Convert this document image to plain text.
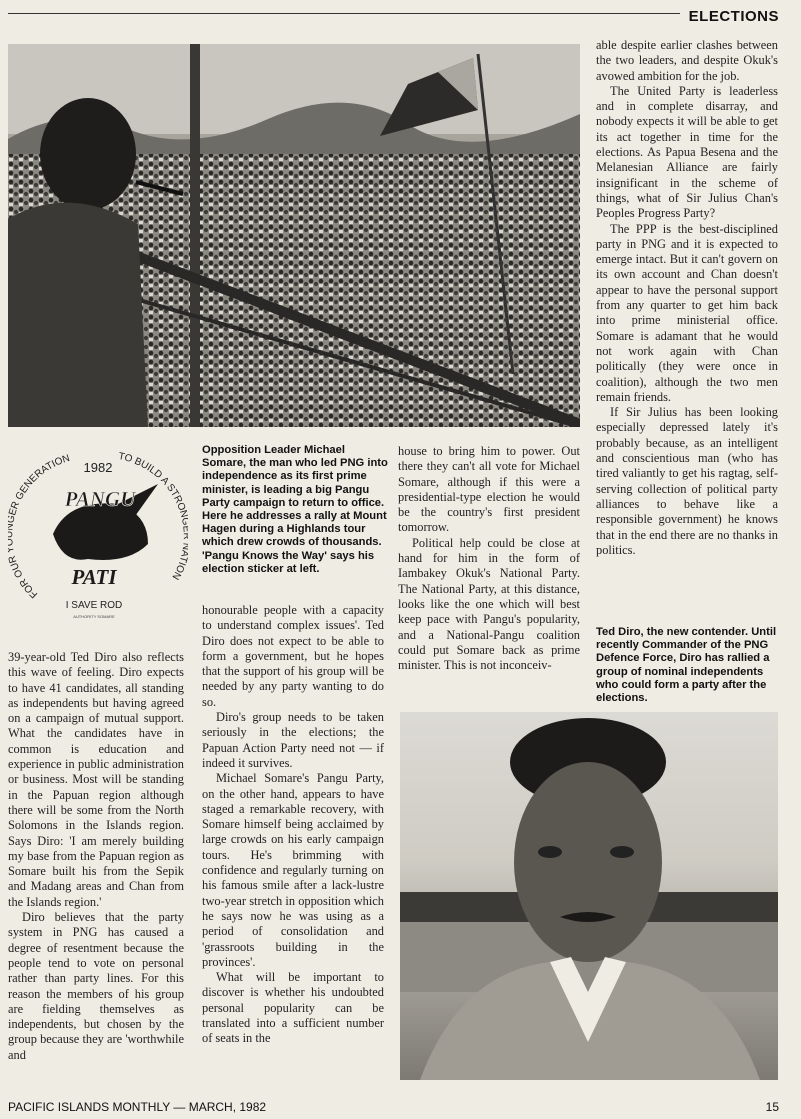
ELECTIONS
FOR OUR ER GENERATION	TO BUILD A STRO TION
1982
PANGU
PATI
I SAVE ROD
AUTHORITY SOMARE
Opposition Leader Michael Somare, the man who led PNG into independence as its first prime minister, is leading a big Pangu Party campaign to return to office. Here he addresses a rally at Mount Hagen during a Highlands tour which drew crowds of thousands. 'Pangu Knows the Way' says his election sticker at left.

39-year-old Ted Diro also reflects this wave of feeling. Diro expects to have 41 candidates, all standing as independents but having agreed on a campaign of mutual support. What the candidates have in common is education and experience in public administration or business. Most will be standing in the Papuan region although there will be some from the North Solomons in the Islands region. Says Diro: 'I am merely building my base from the Papuan region as Somare built his from the Sepik and Madang areas and Chan from the Islands region.'

Diro believes that the party system in PNG has caused a degree of resentment because the people tend to vote on personal rather than party lines. For this reason the members of his group are fielding themselves as independents, but chosen by the group because they are 'worthwhile and

honourable people with a capacity to understand complex issues'. Ted Diro does not expect to be able to form a government, but he hopes that the support of his group will be needed by any party wanting to do so.

Diro's group needs to be taken seriously in the elections; the Papuan Action Party need not — if indeed it survives.

Michael Somare's Pangu Party, on the other hand, appears to have staged a remarkable recovery, with Somare himself being acclaimed by large crowds on his early campaign tours. He's brimming with confidence and regularly turning on his famous smile after a lack-lustre two-year stretch in opposition which he says now he was using as a period of consolidation and 'grassroots building in the provinces'.

What will be important to discover is whether his undoubted personal popularity can be translated into a sufficient number of seats in the

house to bring him to power. Out there they can't all vote for Michael Somare, although if this were a presidential-type election he would be the country's first president tomorrow.

Political help could be close at hand for him in the form of Iambakey Okuk's National Party. The National Party, at this distance, looks like the one which will best keep pace with Pangu's popularity, and a National-Pangu coalition could put Somare back as prime minister. This is not inconceiv-

able despite earlier clashes between the two leaders, and despite Okuk's avowed ambition for the job.

The United Party is leaderless and in complete disarray, and nobody expects it will be able to get its act together in time for the elections. As Papua Besena and the Melanesian Alliance are fairly insignificant in the scheme of things, what of Sir Julius Chan's Peoples Progress Party?

The PPP is the best-disciplined party in PNG and it is expected to emerge intact. But it can't govern on its own account and Chan doesn't appear to have the personal support from any quarter to get him back into prime ministerial office. Somare is adamant that he would not work again with Chan politically (they were once in coalition), although the two men remain friends.

If Sir Julius has been looking especially depressed lately it's probably because, as an intelligent and conscientious man (who has tired valiantly to get his ragtag, self-serving collection of political party alliances to behave like a responsible government) he knows that in the end there are no thanks in politics.

Ted Diro, the new contender. Until recently Commander of the PNG Defence Force, Diro has rallied a group of nominal independents who could form a party after the elections.
PACIFIC ISLANDS MONTHLY — MARCH, 1982	15
